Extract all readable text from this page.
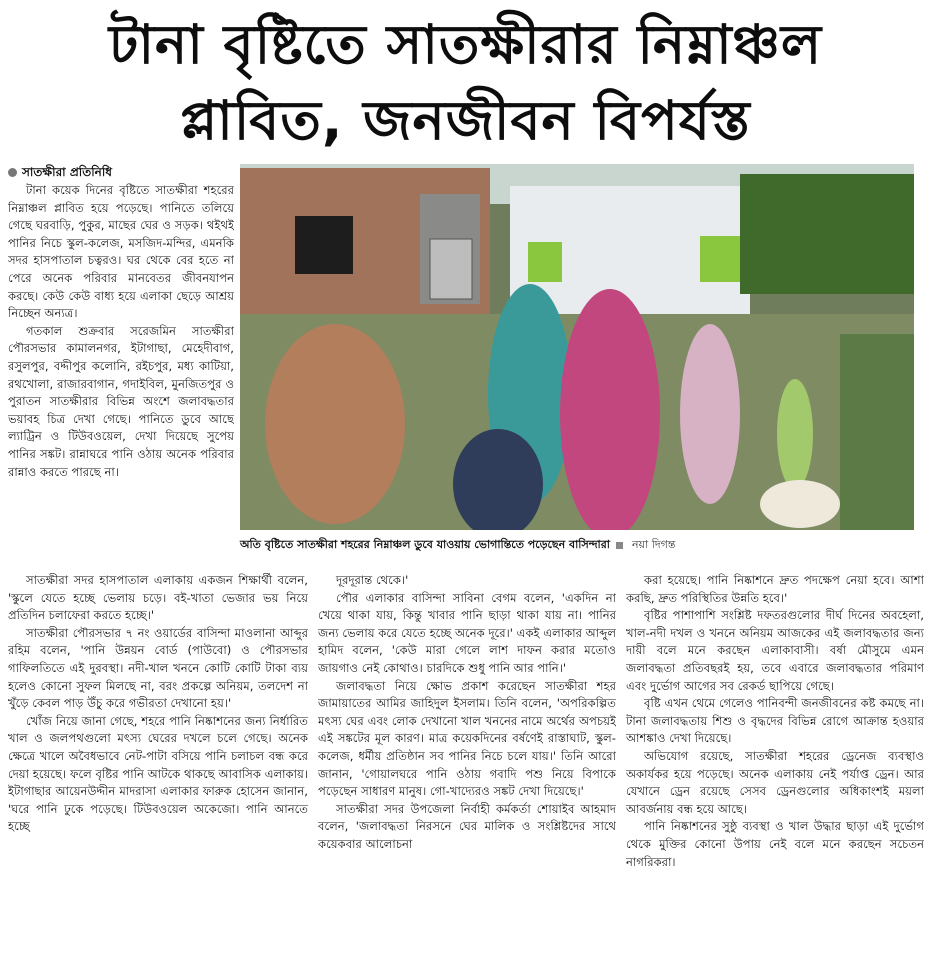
টানা বৃষ্টিতে সাতক্ষীরার নিম্নাঞ্চল
প্লাবিত, জনজীবন বিপর্যস্ত
সাতক্ষীরা প্রতিনিধি

টানা কয়েক দিনের বৃষ্টিতে সাতক্ষীরা শহরের নিম্নাঞ্চল প্লাবিত হয়ে পড়েছে। পানিতে তলিয়ে গেছে ঘরবাড়ি, পুকুর, মাছের ঘের ও সড়ক। থইথই পানির নিচে স্কুল-কলেজ, মসজিদ-মন্দির, এমনকি সদর হাসপাতাল চত্বরও। ঘর থেকে বের হতে না পেরে অনেক পরিবার মানবেতর জীবনযাপন করছে। কেউ কেউ বাধ্য হয়ে এলাকা ছেড়ে আশ্রয় নিচ্ছেন অন্যত্র।

গতকাল শুক্রবার সরেজমিন সাতক্ষীরা পৌরসভার কামালনগর, ইটাগাছা, মেহেদীবাগ, রসুলপুর, বদ্দীপুর কলোনি, রইচপুর, মধ্য কাটিয়া, রথখোলা, রাজারবাগান, গদাইবিল, মুনজিতপুর ও পুরাতন সাতক্ষীরার বিভিন্ন অংশে জলাবদ্ধতার ভয়াবহ চিত্র দেখা গেছে। পানিতে ডুবে আছে ল্যাট্রিন ও টিউবওয়েল, দেখা দিয়েছে সুপেয় পানির সঙ্কট। রান্নাঘরে পানি ওঠায় অনেক পরিবার রান্নাও করতে পারছে না।

অতি বৃষ্টিতে সাতক্ষীরা শহরের নিম্নাঞ্চল ডুবে যাওয়ায় ভোগান্তিতে পড়েছেন বাসিন্দারা নয়া দিগন্ত

সাতক্ষীরা সদর হাসপাতাল এলাকায় একজন শিক্ষার্থী বলেন, 'স্কুলে যেতে হচ্ছে ভেলায় চড়ে। বই-খাতা ভেজার ভয় নিয়ে প্রতিদিন চলাফেরা করতে হচ্ছে।'

সাতক্ষীরা পৌরসভার ৭ নং ওয়ার্ডের বাসিন্দা মাওলানা আব্দুর রহিম বলেন, 'পানি উন্নয়ন বোর্ড (পাউবো) ও পৌরসভার গাফিলতিতে এই দুরবস্থা। নদী-খাল খননে কোটি কোটি টাকা ব্যয় হলেও কোনো সুফল মিলছে না, বরং প্রকল্পে অনিয়ম, তলদেশ না খুঁড়ে কেবল পাড় উঁচু করে গভীরতা দেখানো হয়।'

খোঁজ নিয়ে জানা গেছে, শহরে পানি নিষ্কাশনের জন্য নির্ধারিত খাল ও জলপথগুলো মৎস্য ঘেরের দখলে চলে গেছে। অনেক ক্ষেত্রে খালে অবৈধভাবে নেট-পাটা বসিয়ে পানি চলাচল বন্ধ করে দেয়া হয়েছে। ফলে বৃষ্টির পানি আটকে থাকছে আবাসিক এলাকায়। ইটাগাছার আয়েনউদ্দীন মাদরাসা এলাকার ফারুক হোসেন জানান, 'ঘরে পানি ঢুকে পড়েছে। টিউবওয়েল অকেজো। পানি আনতে হচ্ছে

দূরদূরান্ত থেকে।'

পৌর এলাকার বাসিন্দা সাবিনা বেগম বলেন, 'একদিন না খেয়ে থাকা যায়, কিন্তু খাবার পানি ছাড়া থাকা যায় না। পানির জন্য ভেলায় করে যেতে হচ্ছে অনেক দূরে।' একই এলাকার আব্দুল হামিদ বলেন, 'কেউ মারা গেলে লাশ দাফন করার মতোও জায়গাও নেই কোথাও। চারদিকে শুধু পানি আর পানি।'

জলাবদ্ধতা নিয়ে ক্ষোভ প্রকাশ করেছেন সাতক্ষীরা শহর জামায়াতের আমির জাহিদুল ইসলাম। তিনি বলেন, 'অপরিকল্পিত মৎস্য ঘের এবং লোক দেখানো খাল খননের নামে অর্থের অপচয়ই এই সঙ্কটের মূল কারণ। মাত্র কয়েকদিনের বর্ষণেই রাস্তাঘাট, স্কুল-কলেজ, ধর্মীয় প্রতিষ্ঠান সব পানির নিচে চলে যায়।' তিনি আরো জানান, 'গোয়ালঘরে পানি ওঠায় গবাদি পশু নিয়ে বিপাকে পড়েছেন সাধারণ মানুষ। গো-খাদ্যেরও সঙ্কট দেখা দিয়েছে।'

সাতক্ষীরা সদর উপজেলা নির্বাহী কর্মকর্তা শোয়াইব আহমাদ বলেন, 'জলাবদ্ধতা নিরসনে ঘের মালিক ও সংশ্লিষ্টদের সাথে কয়েকবার আলোচনা

করা হয়েছে। পানি নিষ্কাশনে দ্রুত পদক্ষেপ নেয়া হবে। আশা করছি, দ্রুত পরিস্থিতির উন্নতি হবে।'

বৃষ্টির পাশাপাশি সংশ্লিষ্ট দফতরগুলোর দীর্ঘ দিনের অবহেলা, খাল-নদী দখল ও খননে অনিয়ম আজকের এই জলাবদ্ধতার জন্য দায়ী বলে মনে করছেন এলাকাবাসী। বর্ষা মৌসুমে এমন জলাবদ্ধতা প্রতিবছরই হয়, তবে এবারে জলাবদ্ধতার পরিমাণ এবং দুর্ভোগ আগের সব রেকর্ড ছাপিয়ে গেছে।

বৃষ্টি এখন থেমে গেলেও পানিবন্দী জনজীবনের কষ্ট কমছে না। টানা জলাবদ্ধতায় শিশু ও বৃদ্ধদের বিভিন্ন রোগে আক্রান্ত হওয়ার আশঙ্কাও দেখা দিয়েছে।

অভিযোগ রয়েছে, সাতক্ষীরা শহরের ড্রেনেজ ব্যবস্থাও অকার্যকর হয়ে পড়েছে। অনেক এলাকায় নেই পর্যাপ্ত ড্রেন। আর যেখানে ড্রেন রয়েছে সেসব ড্রেনগুলোর অধিকাংশই ময়লা আবর্জনায় বন্ধ হয়ে আছে।

পানি নিষ্কাশনের সুষ্ঠু ব্যবস্থা ও খাল উদ্ধার ছাড়া এই দুর্ভোগ থেকে মুক্তির কোনো উপায় নেই বলে মনে করছেন সচেতন নাগরিকরা।
